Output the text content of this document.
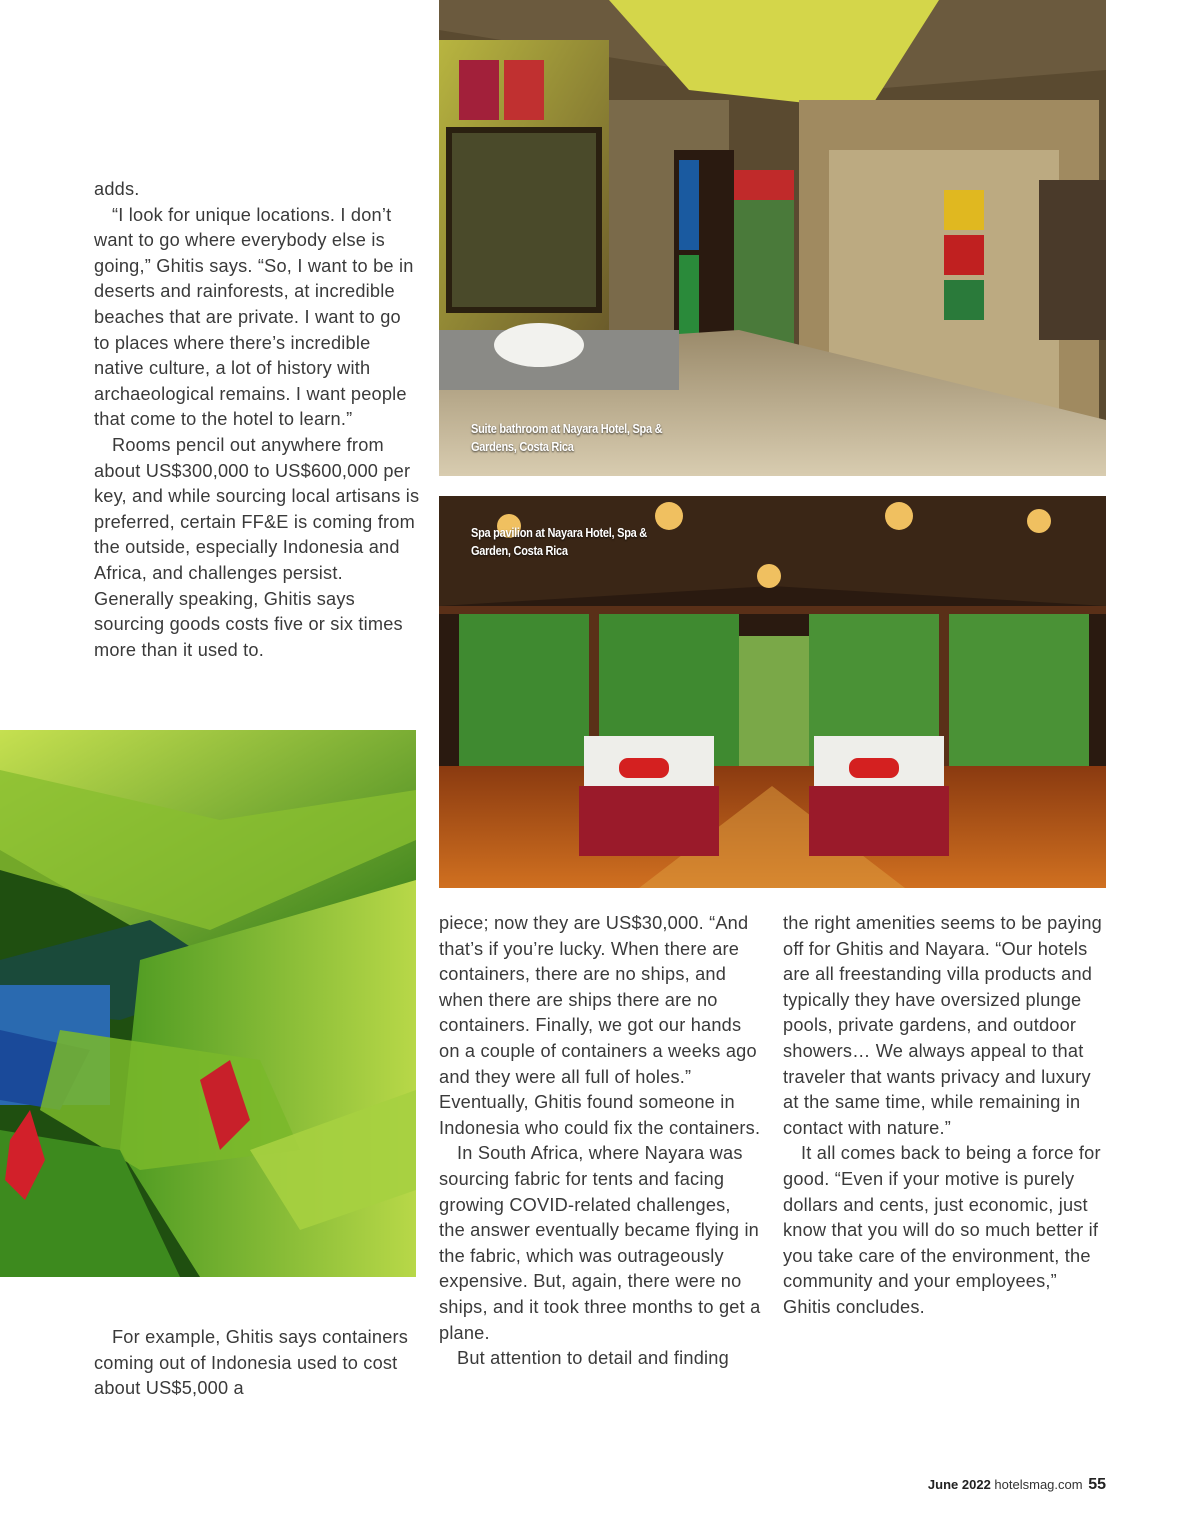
adds.

“I look for unique locations. I don’t want to go where everybody else is going,” Ghitis says. “So, I want to be in deserts and rainforests, at incredible beaches that are private. I want to go to places where there’s incredible native culture, a lot of history with archaeological remains. I want people that come to the hotel to learn.”

Rooms pencil out anywhere from about US$300,000 to US$600,000 per key, and while sourcing local artisans is preferred, certain FF&E is coming from the outside, especially Indonesia and Africa, and challenges persist. Generally speaking, Ghitis says sourcing goods costs five or six times more than it used to.

For example, Ghitis says containers coming out of Indonesia used to cost about US$5,000 a

piece; now they are US$30,000. “And that’s if you’re lucky. When there are containers, there are no ships, and when there are ships there are no containers. Finally, we got our hands on a couple of containers a weeks ago and they were all full of holes.” Eventually, Ghitis found someone in Indonesia who could fix the containers.

In South Africa, where Nayara was sourcing fabric for tents and facing growing COVID-related challenges, the answer eventually became flying in the fabric, which was outrageously expensive. But, again, there were no ships, and it took three months to get a plane.

But attention to detail and finding

the right amenities seems to be paying off for Ghitis and Nayara. “Our hotels are all freestanding villa products and typically they have oversized plunge pools, private gardens, and outdoor showers… We always appeal to that traveler that wants privacy and luxury at the same time, while remaining in contact with nature.”

It all comes back to being a force for good. “Even if your motive is purely dollars and cents, just economic, just know that you will do so much better if you take care of the environment, the community and your employees,” Ghitis concludes.

Suite bathroom at Nayara Hotel, Spa & Gardens, Costa Rica
Spa pavilion at Nayara Hotel, Spa & Garden, Costa Rica
June 2022 hotelsmag.com 55
